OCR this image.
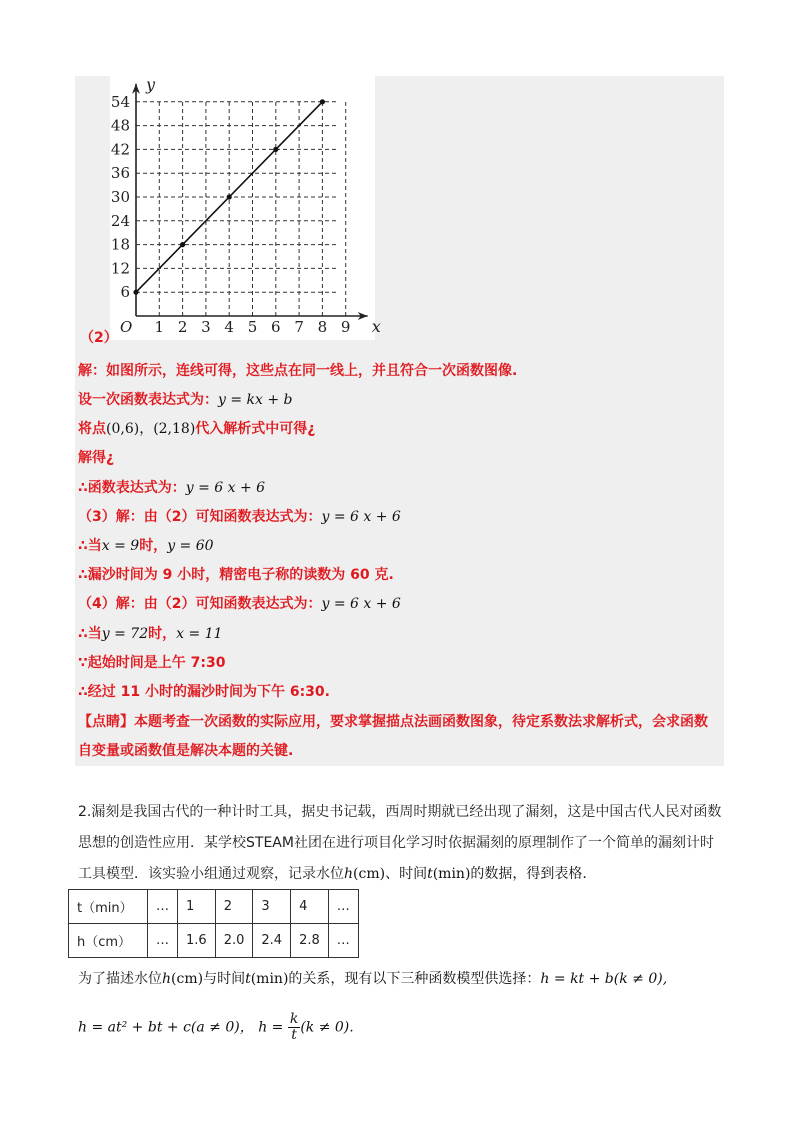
1 2 3 4 5 6 7 8 9
6
12
18
24
30
36
42
48
54
O	x
y
（2）
解：如图所示，连线可得，这些点在同一线上，并且符合一次函数图像.
设一次函数表达式为：y = kx + b
将点(0,6)，(2,18)代入解析式中可得¿
解得¿
∴函数表达式为：y = 6 x + 6
（3）解：由（2）可知函数表达式为：y = 6 x + 6
∴当x = 9时，y = 60
∴漏沙时间为 9 小时，精密电子称的读数为 60 克.
（4）解：由（2）可知函数表达式为：y = 6 x + 6
∴当y = 72时，x = 11
∵起始时间是上午 7:30
∴经过 11 小时的漏沙时间为下午 6:30.
【点睛】本题考查一次函数的实际应用，要求掌握描点法画函数图象，待定系数法求解析式，会求函数
自变量或函数值是解决本题的关键.
2.漏刻是我国古代的一种计时工具，据史书记载，西周时期就已经出现了漏刻，这是中国古代人民对函数
思想的创造性应用．某学校STEAM社团在进行项目化学习时依据漏刻的原理制作了一个简单的漏刻计时
工具模型．该实验小组通过观察，记录水位h(cm)、时间t(min)的数据，得到表格.
t（min）	…	1	2	3	4	…
h（cm）	…	1.6	2.0	2.4	2.8	…
为了描述水位h(cm)与时间t(min)的关系，现有以下三种函数模型供选择：h = kt + b(k ≠ 0),
h = at² + bt + c(a ≠ 0)， $h = \frac{k}{t} (k \ne 0)$.
